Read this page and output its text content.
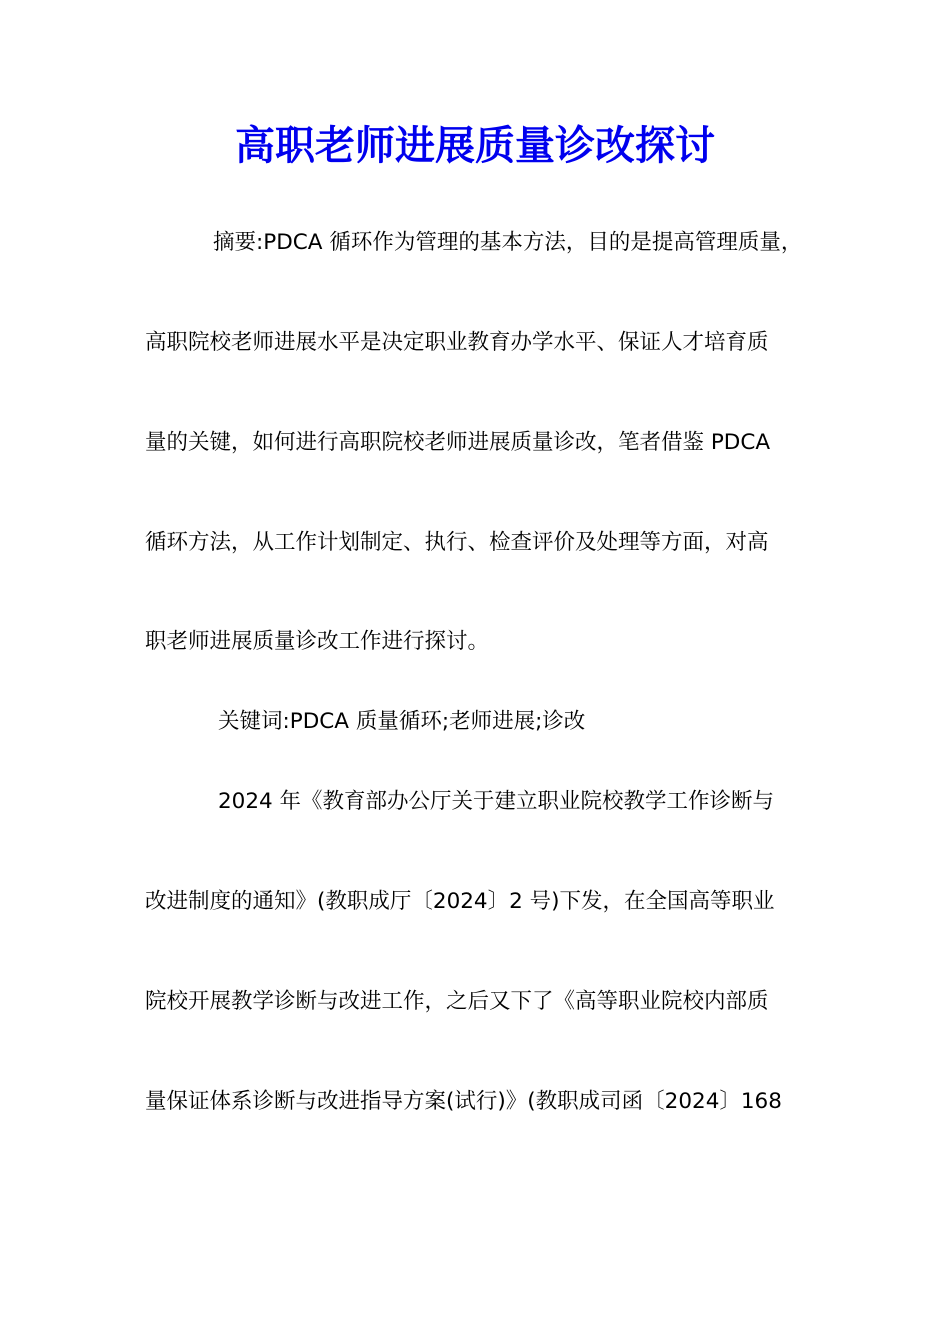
高职老师进展质量诊改探讨
摘要:PDCA 循环作为管理的基本方法，目的是提高管理质量，
高职院校老师进展水平是决定职业教育办学水平、保证人才培育质
量的关键，如何进行高职院校老师进展质量诊改，笔者借鉴 PDCA
循环方法，从工作计划制定、执行、检查评价及处理等方面，对高
职老师进展质量诊改工作进行探讨。
关键词:PDCA 质量循环;老师进展;诊改
2024 年《教育部办公厅关于建立职业院校教学工作诊断与
改进制度的通知》(教职成厅〔2024〕2 号)下发，在全国高等职业
院校开展教学诊断与改进工作，之后又下了《高等职业院校内部质
量保证体系诊断与改进指导方案(试行)》(教职成司函〔2024〕168
